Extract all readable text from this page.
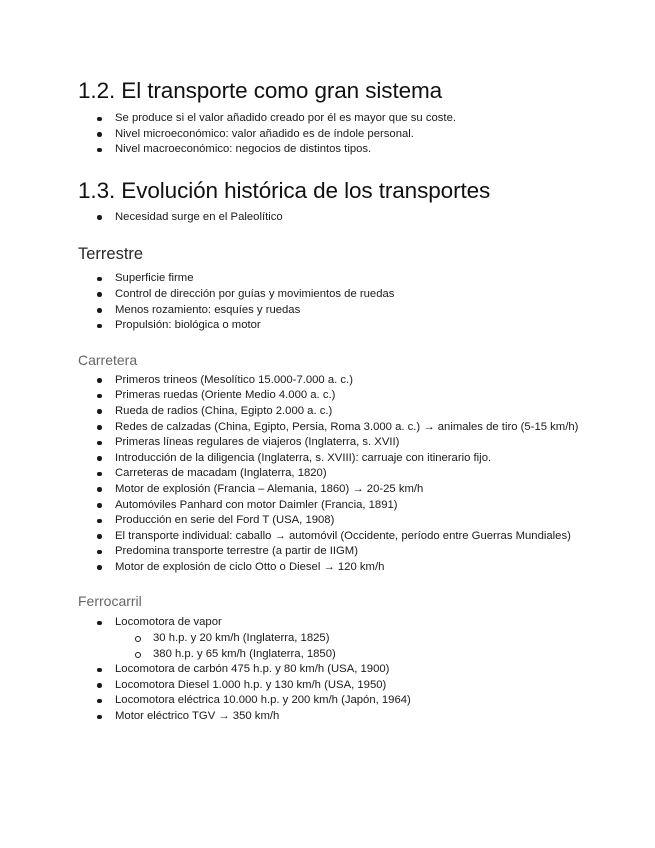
1.2. El transporte como gran sistema
Se produce si el valor añadido creado por él es mayor que su coste.
Nivel microeconómico: valor añadido es de índole personal.
Nivel macroeconómico: negocios de distintos tipos.
1.3. Evolución histórica de los transportes
Necesidad surge en el Paleolítico
Terrestre
Superficie firme
Control de dirección por guías y movimientos de ruedas
Menos rozamiento: esquíes y ruedas
Propulsión: biológica o motor
Carretera
Primeros trineos (Mesolítico 15.000-7.000 a. c.)
Primeras ruedas (Oriente Medio 4.000 a. c.)
Rueda de radios (China, Egipto 2.000 a. c.)
Redes de calzadas (China, Egipto, Persia, Roma 3.000 a. c.) → animales de tiro (5-15 km/h)
Primeras líneas regulares de viajeros (Inglaterra, s. XVII)
Introducción de la diligencia (Inglaterra, s. XVIII): carruaje con itinerario fijo.
Carreteras de macadam (Inglaterra, 1820)
Motor de explosión (Francia – Alemania, 1860) → 20-25 km/h
Automóviles Panhard con motor Daimler (Francia, 1891)
Producción en serie del Ford T (USA, 1908)
El transporte individual: caballo → automóvil (Occidente, período entre Guerras Mundiales)
Predomina transporte terrestre (a partir de IIGM)
Motor de explosión de ciclo Otto o Diesel → 120 km/h
Ferrocarril
Locomotora de vapor
30 h.p. y 20 km/h (Inglaterra, 1825)
380 h.p. y 65 km/h (Inglaterra, 1850)
Locomotora de carbón 475 h.p. y 80 km/h (USA, 1900)
Locomotora Diesel 1.000 h.p. y 130 km/h (USA, 1950)
Locomotora eléctrica 10.000 h.p. y 200 km/h (Japón, 1964)
Motor eléctrico TGV → 350 km/h
